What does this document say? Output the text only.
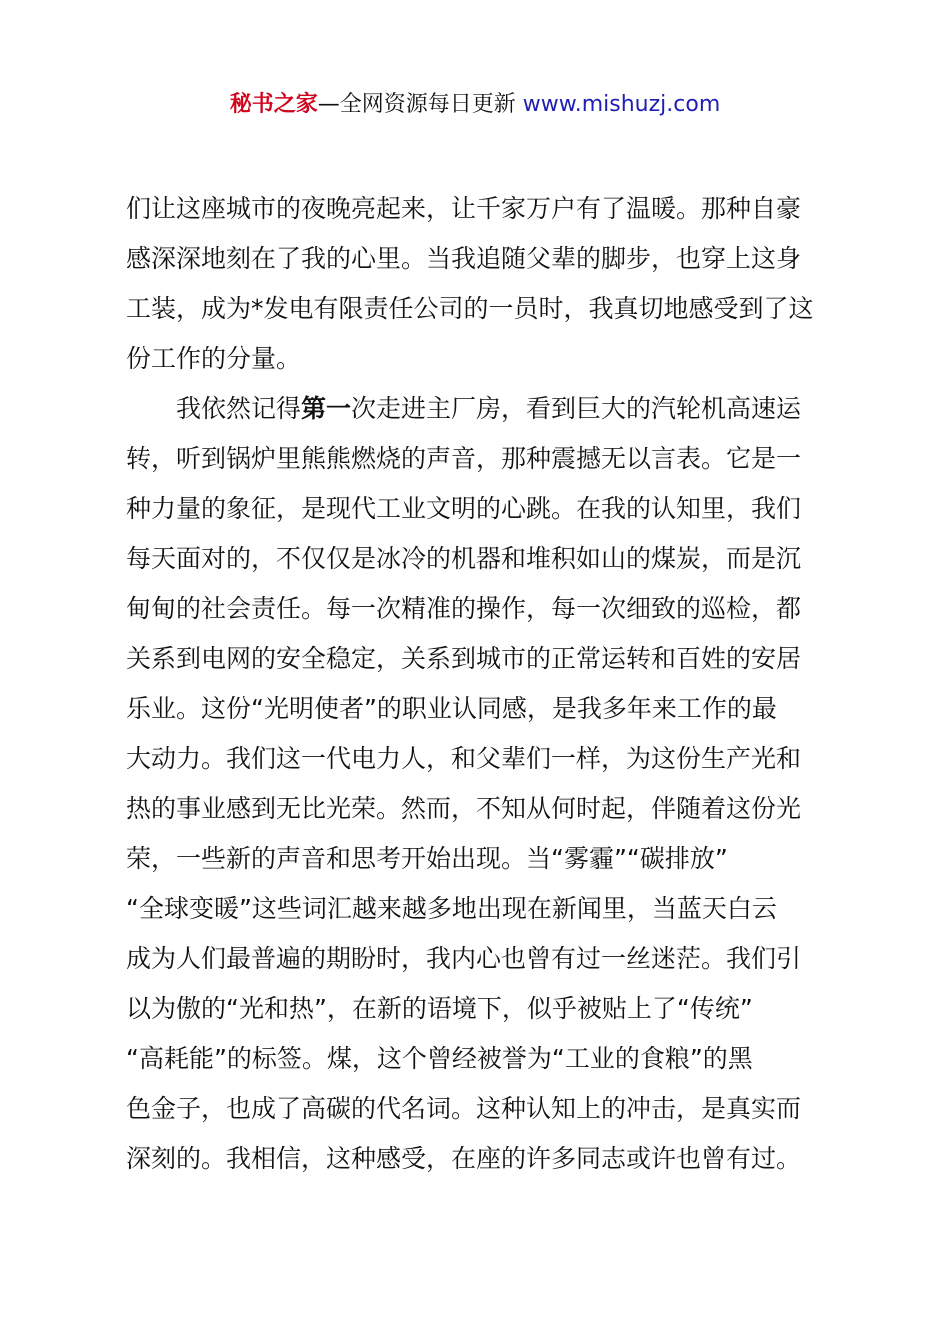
秘书之家—全网资源每日更新 www.mishuzj.com
们让这座城市的夜晚亮起来，让千家万户有了温暖。那种自豪
感深深地刻在了我的心里。当我追随父辈的脚步，也穿上这身
工装，成为*发电有限责任公司的一员时，我真切地感受到了这
份工作的分量。
　　我依然记得第一次走进主厂房，看到巨大的汽轮机高速运
转，听到锅炉里熊熊燃烧的声音，那种震撼无以言表。它是一
种力量的象征，是现代工业文明的心跳。在我的认知里，我们
每天面对的，不仅仅是冰冷的机器和堆积如山的煤炭，而是沉
甸甸的社会责任。每一次精准的操作，每一次细致的巡检，都
关系到电网的安全稳定，关系到城市的正常运转和百姓的安居
乐业。这份“光明使者”的职业认同感，是我多年来工作的最
大动力。我们这一代电力人，和父辈们一样，为这份生产光和
热的事业感到无比光荣。然而，不知从何时起，伴随着这份光
荣，一些新的声音和思考开始出现。当“雾霾”“碳排放”
“全球变暖”这些词汇越来越多地出现在新闻里，当蓝天白云
成为人们最普遍的期盼时，我内心也曾有过一丝迷茫。我们引
以为傲的“光和热”，在新的语境下，似乎被贴上了“传统”
“高耗能”的标签。煤，这个曾经被誉为“工业的食粮”的黑
色金子，也成了高碳的代名词。这种认知上的冲击，是真实而
深刻的。我相信，这种感受，在座的许多同志或许也曾有过。
